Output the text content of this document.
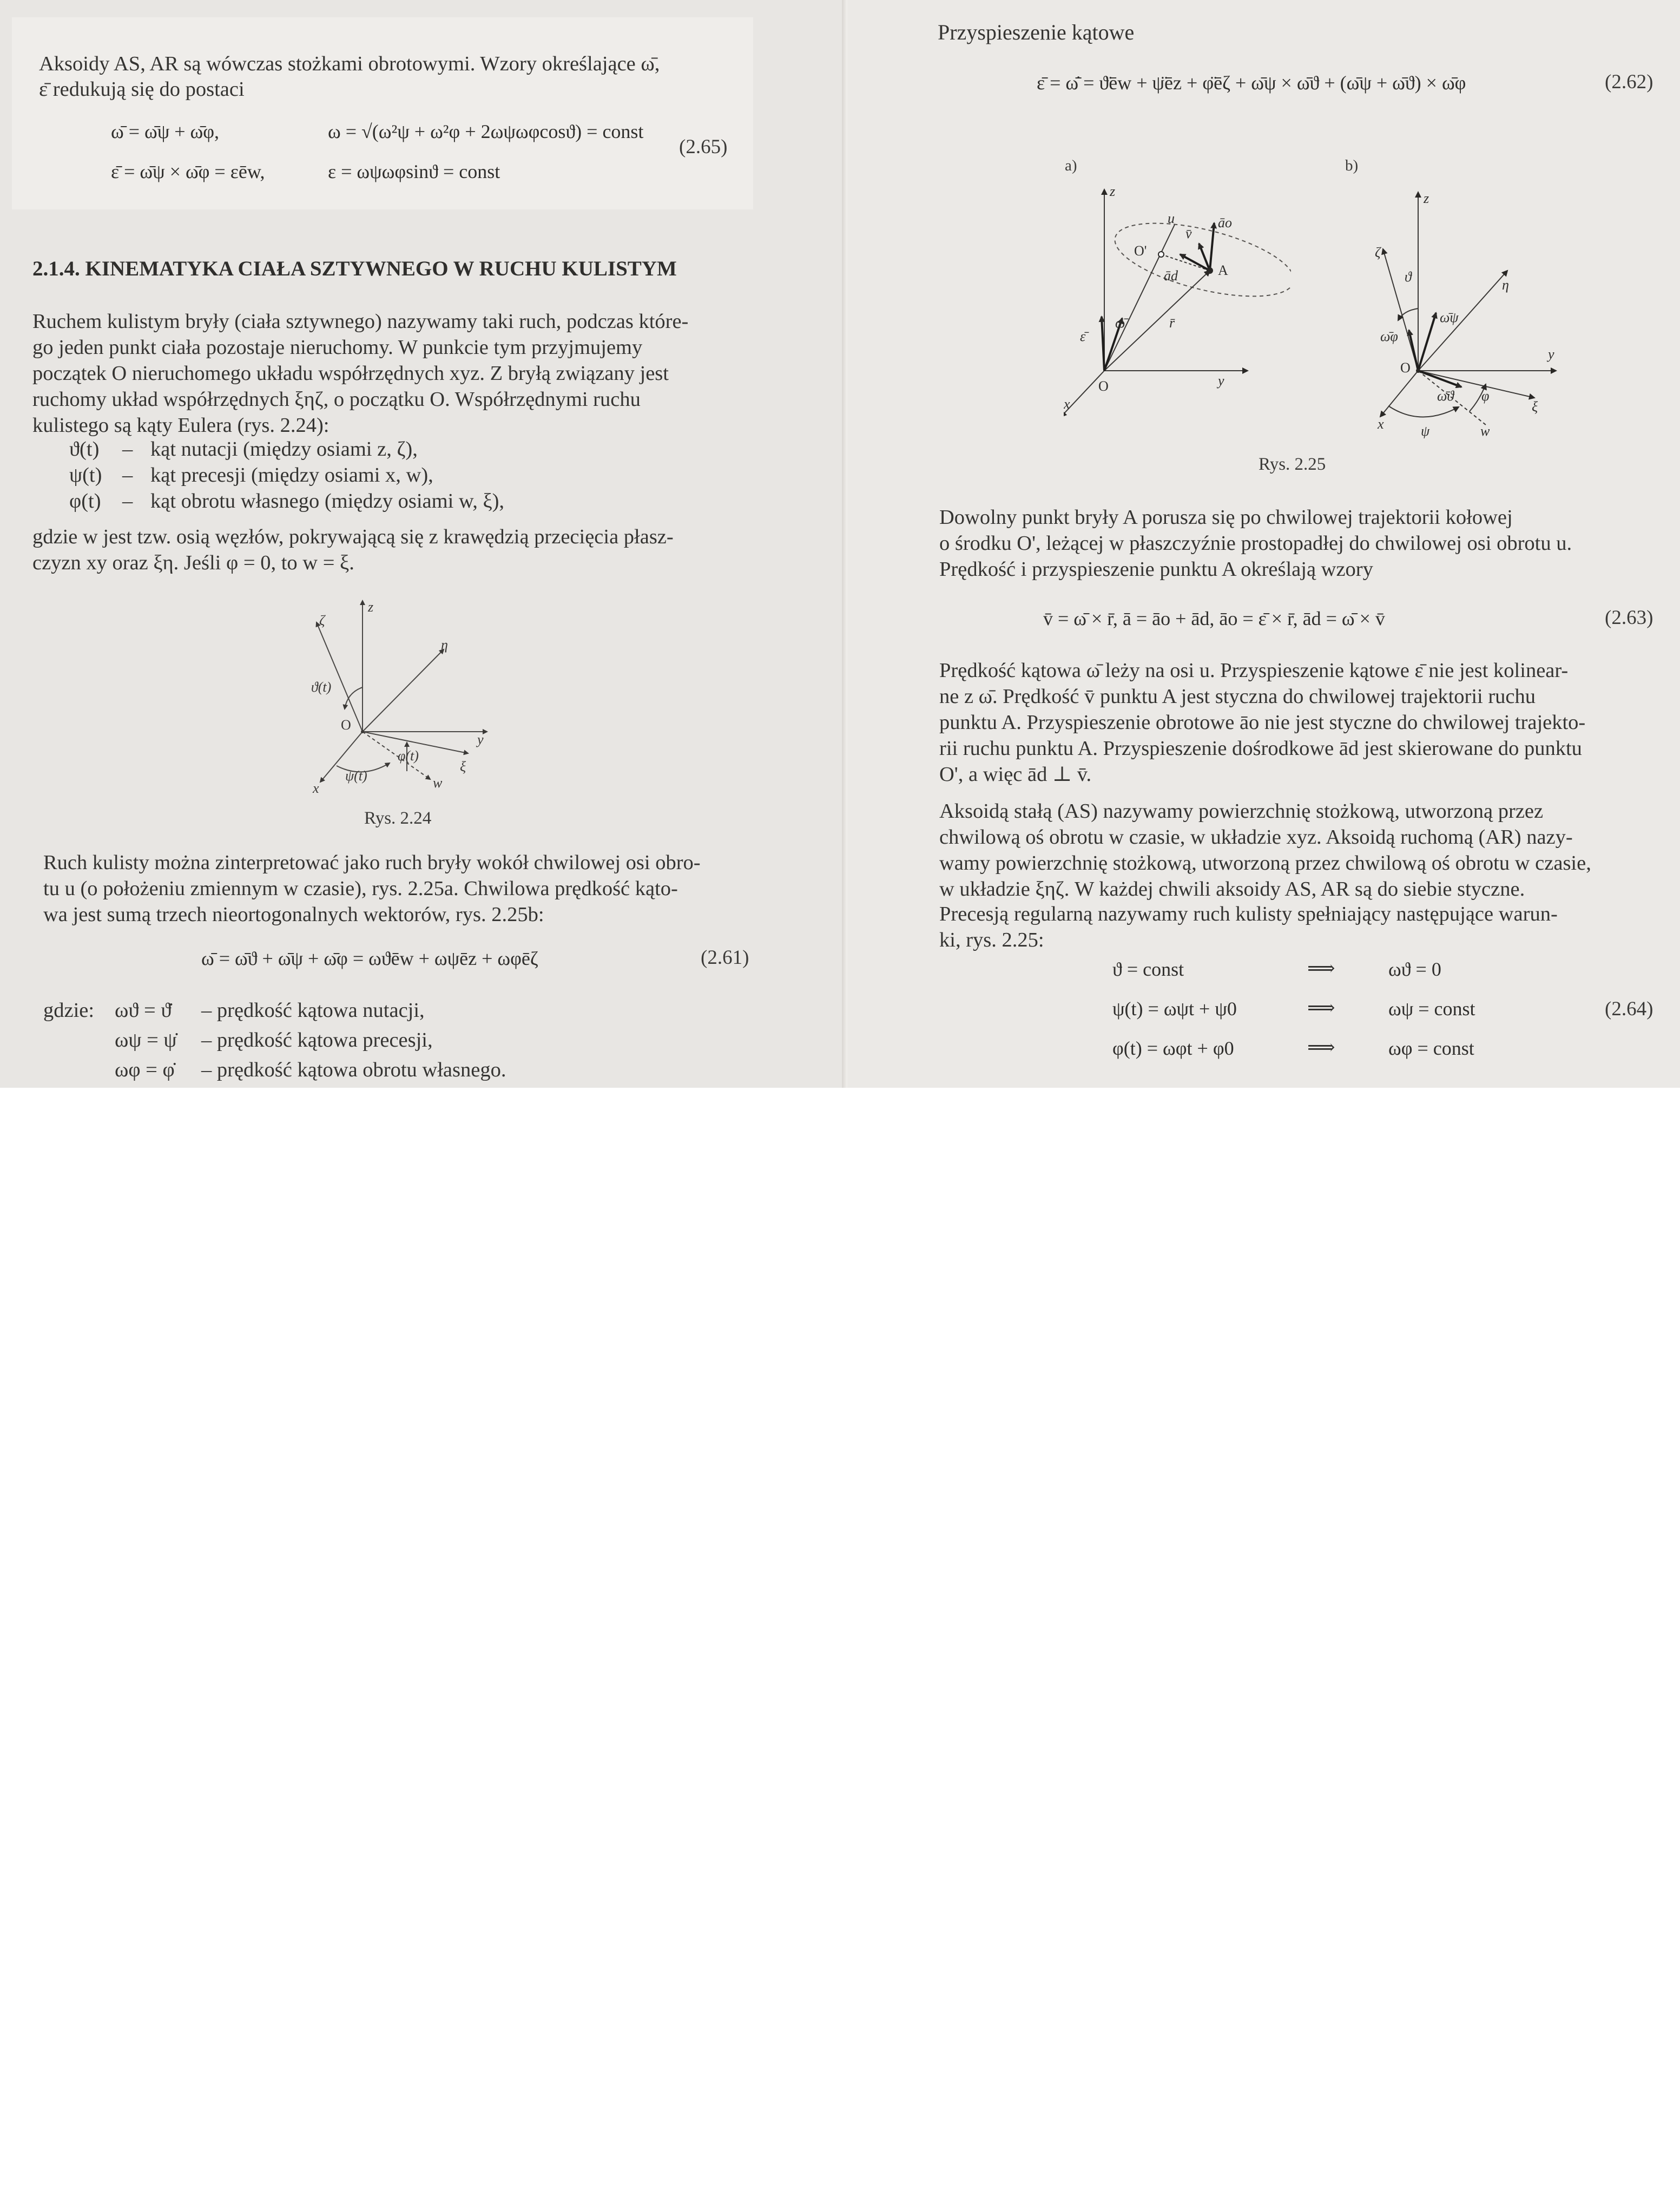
Aksoidy AS, AR są wówczas stożkami obrotowymi. Wzory określające ω̄,
ε̄ redukują się do postaci
ω̄ = ω̄ψ + ω̄φ,	ω = √(ω²ψ + ω²φ + 2ωψωφcosϑ) = const
ε̄ = ω̄ψ × ω̄φ = εēw,	ε = ωψωφsinϑ = const
(2.65)
2.1.4. KINEMATYKA CIAŁA SZTYWNEGO W RUCHU KULISTYM
Ruchem kulistym bryły (ciała sztywnego) nazywamy taki ruch, podczas które-
go jeden punkt ciała pozostaje nieruchomy. W punkcie tym przyjmujemy
początek O nieruchomego układu współrzędnych xyz. Z bryłą związany jest
ruchomy układ współrzędnych ξηζ, o początku O. Współrzędnymi ruchu
kulistego są kąty Eulera (rys. 2.24):
ϑ(t) – kąt nutacji (między osiami z, ζ),
ψ(t) – kąt precesji (między osiami x, w),
φ(t) – kąt obrotu własnego (między osiami w, ξ),
gdzie w jest tzw. osią węzłów, pokrywającą się z krawędzią przecięcia płasz-
czyzn xy oraz ξη. Jeśli φ = 0, to w = ξ.
z
ζ
η
ϑ(t)
O
y
φ(t)
ξ
ψ(t)	w
x
Rys. 2.24
Ruch kulisty można zinterpretować jako ruch bryły wokół chwilowej osi obro-
tu u (o położeniu zmiennym w czasie), rys. 2.25a. Chwilowa prędkość kąto-
wa jest sumą trzech nieortogonalnych wektorów, rys. 2.25b:
ω̄ = ω̄ϑ + ω̄ψ + ω̄φ = ωϑēw + ωψēz + ωφēζ	(2.61)
gdzie: ωϑ = ϑ̇ – prędkość kątowa nutacji,
ωψ = ψ̇ – prędkość kątowa precesji,
ωφ = φ̇ – prędkość kątowa obrotu własnego.
Przyspieszenie kątowe
ε̄ = ω̄̇ = ϑ̈ēw + ψ̈ēz + φ̈ēζ + ω̄ψ × ω̄ϑ + (ω̄ψ + ω̄ϑ) × ω̄φ	(2.62)
a)	b)
z
u
v̄
āo
O'
A
ād
ε̄
ω̄	r̄
O	y
x
z
ζ
ϑ
η
ω̄ψ
ω̄φ
O
y
ω̄ϑ φ
ξ
x	ψ	w
Rys. 2.25
Dowolny punkt bryły A porusza się po chwilowej trajektorii kołowej
o środku O', leżącej w płaszczyźnie prostopadłej do chwilowej osi obrotu u.
Prędkość i przyspieszenie punktu A określają wzory
v̄ = ω̄ × r̄, ā = āo + ād, āo = ε̄ × r̄, ād = ω̄ × v̄	(2.63)
Prędkość kątowa ω̄ leży na osi u. Przyspieszenie kątowe ε̄ nie jest kolinear-
ne z ω̄. Prędkość v̄ punktu A jest styczna do chwilowej trajektorii ruchu
punktu A. Przyspieszenie obrotowe āo nie jest styczne do chwilowej trajekto-
rii ruchu punktu A. Przyspieszenie dośrodkowe ād jest skierowane do punktu
O', a więc ād ⊥ v̄.
Aksoidą stałą (AS) nazywamy powierzchnię stożkową, utworzoną przez
chwilową oś obrotu w czasie, w układzie xyz. Aksoidą ruchomą (AR) nazy-
wamy powierzchnię stożkową, utworzoną przez chwilową oś obrotu w czasie,
w układzie ξηζ. W każdej chwili aksoidy AS, AR są do siebie styczne.
Precesją regularną nazywamy ruch kulisty spełniający następujące warun-
ki, rys. 2.25:
ϑ = const	⟹	ωϑ = 0
ψ(t) = ωψt + ψ0	⟹	ωψ = const
φ(t) = ωφt + φ0	⟹	ωφ = const
(2.64)
